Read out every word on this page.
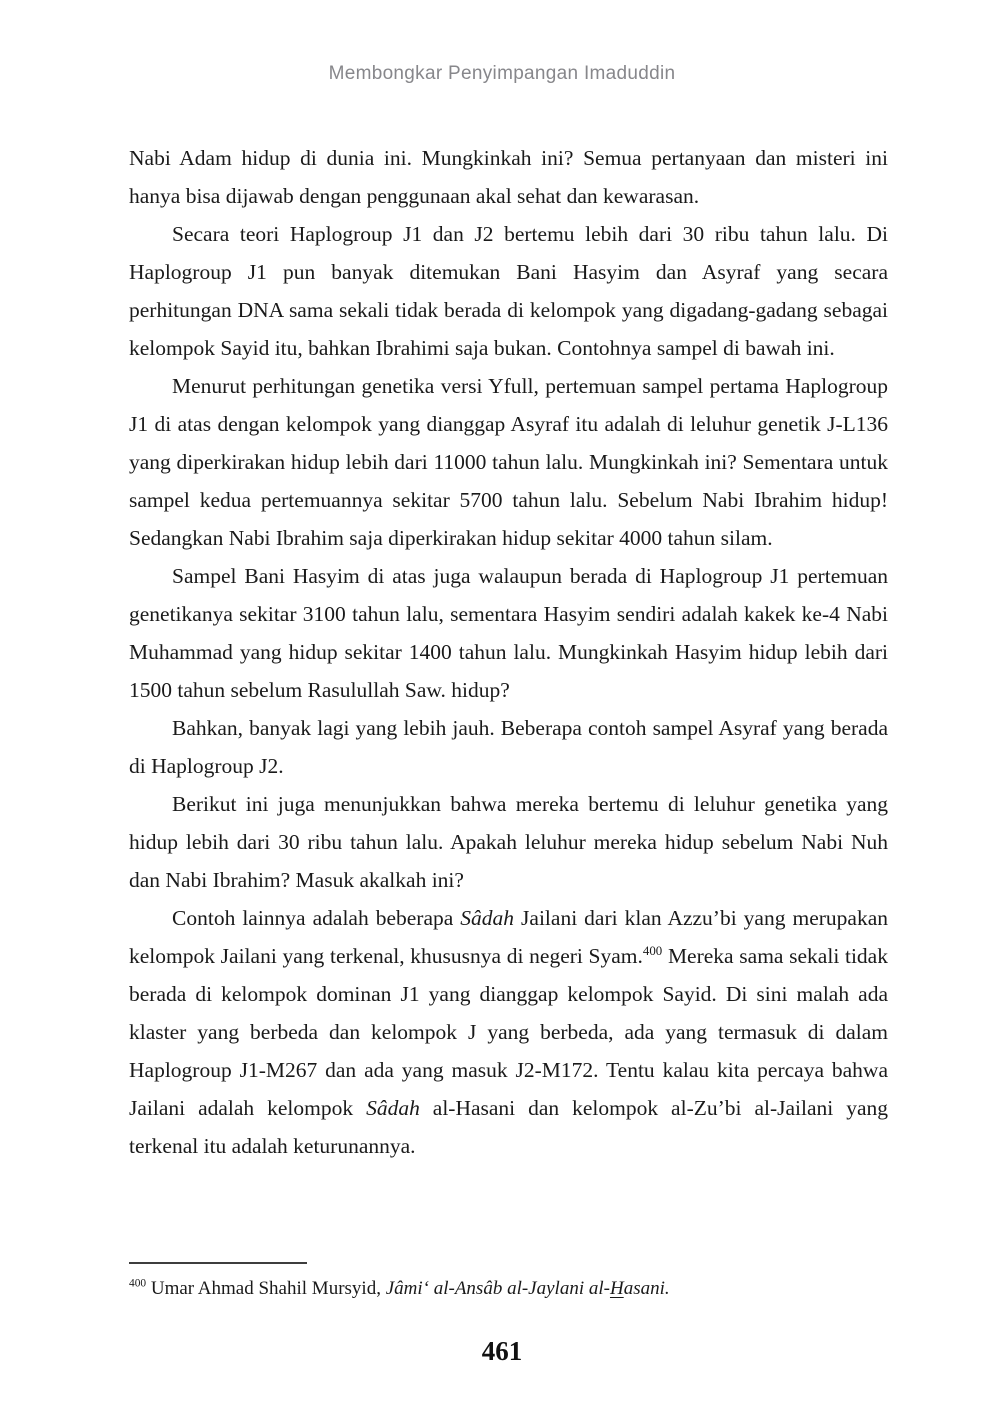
Membongkar Penyimpangan Imaduddin

Nabi Adam hidup di dunia ini. Mungkinkah ini? Semua pertanyaan dan misteri ini hanya bisa dijawab dengan penggunaan akal sehat dan kewarasan.

Secara teori Haplogroup J1 dan J2 bertemu lebih dari 30 ribu tahun lalu. Di Haplogroup J1 pun banyak ditemukan Bani Hasyim dan Asyraf yang secara perhitungan DNA sama sekali tidak berada di kelompok yang digadang-gadang sebagai kelompok Sayid itu, bahkan Ibrahimi saja bukan. Contohnya sampel di bawah ini.

Menurut perhitungan genetika versi Yfull, pertemuan sampel pertama Haplogroup J1 di atas dengan kelompok yang dianggap Asyraf itu adalah di leluhur genetik J-L136 yang diperkirakan hidup lebih dari 11000 tahun lalu. Mungkinkah ini? Sementara untuk sampel kedua pertemuannya sekitar 5700 tahun lalu. Sebelum Nabi Ibrahim hidup! Sedangkan Nabi Ibrahim saja diperkirakan hidup sekitar 4000 tahun silam.

Sampel Bani Hasyim di atas juga walaupun berada di Haplogroup J1 pertemuan genetikanya sekitar 3100 tahun lalu, sementara Hasyim sendiri adalah kakek ke-4 Nabi Muhammad yang hidup sekitar 1400 tahun lalu. Mungkinkah Hasyim hidup lebih dari 1500 tahun sebelum Rasulullah Saw. hidup?

Bahkan, banyak lagi yang lebih jauh. Beberapa contoh sampel Asyraf yang berada di Haplogroup J2.

Berikut ini juga menunjukkan bahwa mereka bertemu di leluhur genetika yang hidup lebih dari 30 ribu tahun lalu. Apakah leluhur mereka hidup sebelum Nabi Nuh dan Nabi Ibrahim? Masuk akalkah ini?

Contoh lainnya adalah beberapa Sâdah Jailani dari klan Azzu’bi yang merupakan kelompok Jailani yang terkenal, khususnya di negeri Syam.$^{400}$ Mereka sama sekali tidak berada di kelompok dominan J1 yang dianggap kelompok Sayid. Di sini malah ada klaster yang berbeda dan kelompok J yang berbeda, ada yang termasuk di dalam Haplogroup J1-M267 dan ada yang masuk J2-M172. Tentu kalau kita percaya bahwa Jailani adalah kelompok Sâdah al-Hasani dan kelompok al-Zu’bi al-Jailani yang terkenal itu adalah keturunannya.

$^{400}$ Umar Ahmad Shahil Mursyid, Jâmi‘ al-Ansâb al-Jaylani al-Hasani.
461
